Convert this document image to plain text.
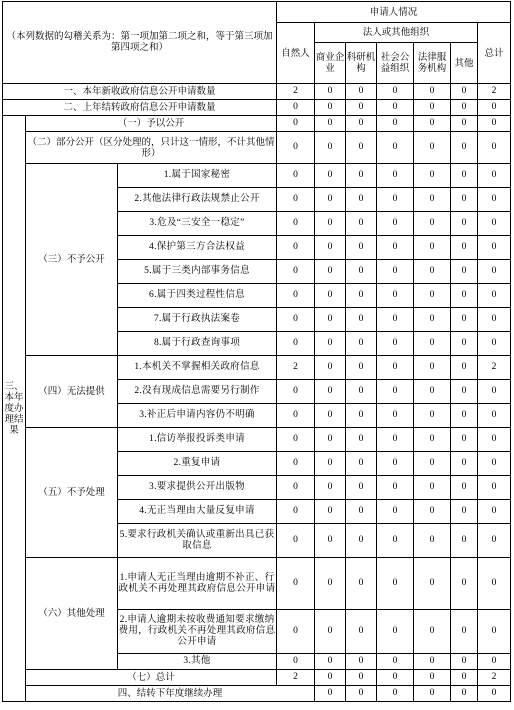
（本列数据的勾稽关系为：第一项加第二项之和，等于第三项加第四项之和）			申请人情况							
			自然人	法人或其他组织					总计	
				商业企业	科研机构	社会公益组织	法律服务机构	其他		
一、本年新收政府信息公开申请数量			2	0	0	0	0	0	2	
二、上年结转政府信息公开申请数量			0	0	0	0	0	0	0	
三、本年度办理结果	（一）予以公开		0	0	0	0	0	0	0	
	（二）部分公开（区分处理的，只计这一情形，不计其他情形）		0	0	0	0	0	0	0	
	（三）不予公开	1.属于国家秘密	0	0	0	0	0	0	0	
		2.其他法律行政法规禁止公开	0	0	0	0	0	0	0	
		3.危及“三安全一稳定”	0	0	0	0	0	0	0	
		4.保护第三方合法权益	0	0	0	0	0	0	0	
		5.属于三类内部事务信息	0	0	0	0	0	0	0	
		6.属于四类过程性信息	0	0	0	0	0	0	0	
		7.属于行政执法案卷	0	0	0	0	0	0	0	
		8.属于行政查询事项	0	0	0	0	0	0	0	
	（四）无法提供	1.本机关不掌握相关政府信息	2	0	0	0	0	0	2	
		2.没有现成信息需要另行制作	0	0	0	0	0	0	0	
		3.补正后申请内容仍不明确	0	0	0	0	0	0	0	
	（五）不予处理	1.信访举报投诉类申请	0	0	0	0	0	0	0	
		2.重复申请	0	0	0	0	0	0	0	
		3.要求提供公开出版物	0	0	0	0	0	0	0	
		4.无正当理由大量反复申请	0	0	0	0	0	0	0	
		5.要求行政机关确认或重新出具已获取信息	0	0	0	0	0	0	0	
	（六）其他处理	1.申请人无正当理由逾期不补正、行政机关不再处理其政府信息公开申请	0	0	0	0	0	0	0	
		2.申请人逾期未按收费通知要求缴纳费用，行政机关不再处理其政府信息公开申请	0	0	0	0	0	0	0	
		3.其他	0	0	0	0	0	0	0	
	（七）总计		2	0	0	0	0	0	2	
	四、结转下年度继续办理			0	0	0	0	0	0	
